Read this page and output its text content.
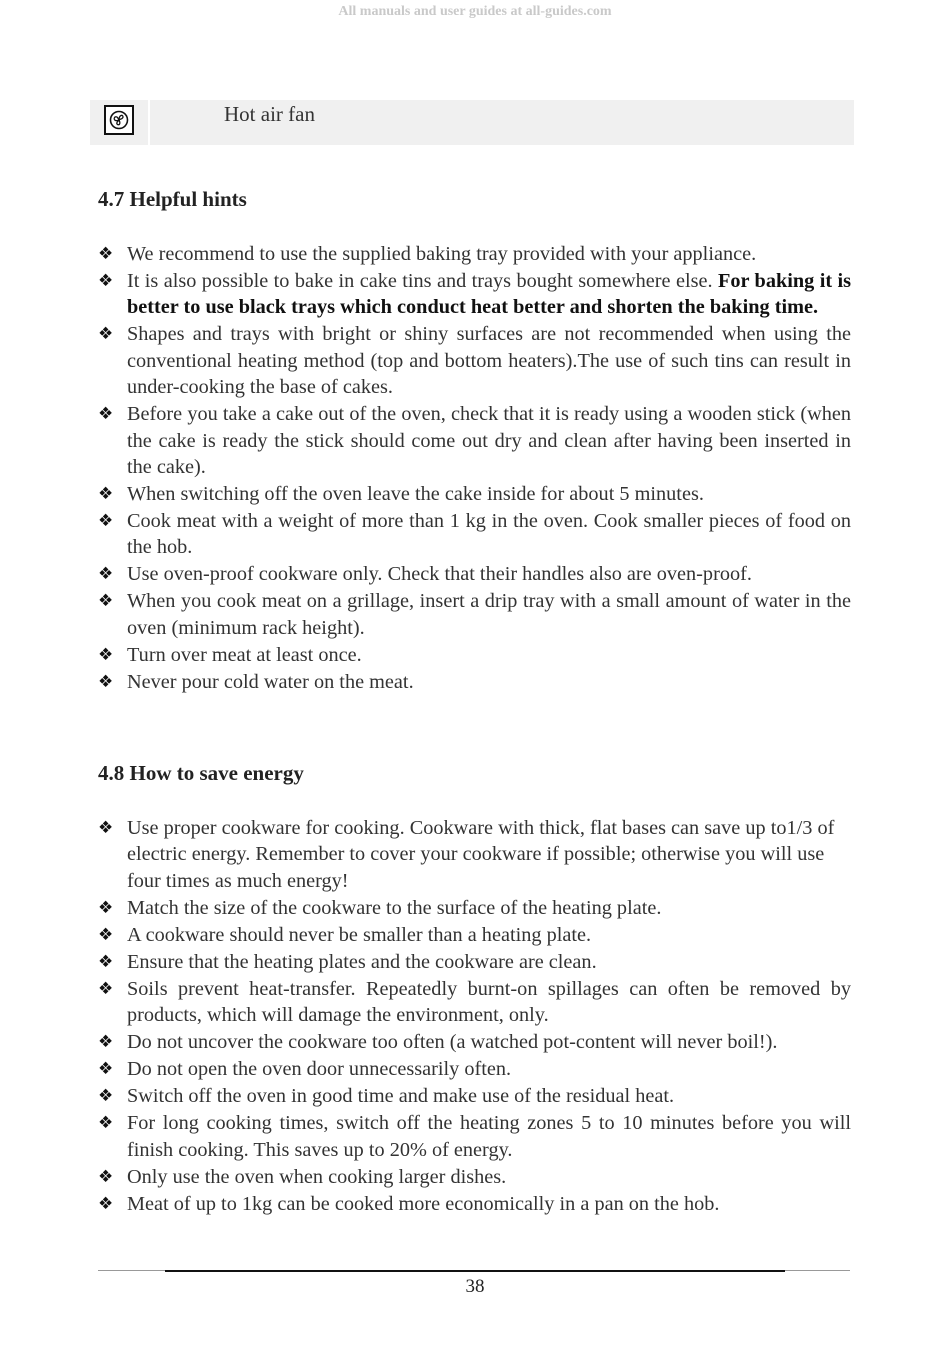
All manuals and user guides at all-guides.com
Hot air fan
4.7 Helpful hints
❖ We recommend to use the supplied baking tray provided with your appliance.
❖ It is also possible to bake in cake tins and trays bought somewhere else. For baking it is better to use black trays which conduct heat better and shorten the baking time.
❖ Shapes and trays with bright or shiny surfaces are not recommended when using the conventional heating method (top and bottom heaters).The use of such tins can result in under-cooking the base of cakes.
❖ Before you take a cake out of the oven, check that it is ready using a wooden stick (when the cake is ready the stick should come out dry and clean after having been inserted in the cake).
❖ When switching off the oven leave the cake inside for about 5 minutes.
❖ Cook meat with a weight of more than 1 kg in the oven. Cook smaller pieces of food on the hob.
❖ Use oven-proof cookware only. Check that their handles also are oven-proof.
❖ When you cook meat on a grillage, insert a drip tray with a small amount of water in the oven (minimum rack height).
❖ Turn over meat at least once.
❖ Never pour cold water on the meat.
4.8 How to save energy
❖ Use proper cookware for cooking. Cookware with thick, flat bases can save up to1/3 of electric energy. Remember to cover your cookware if possible; otherwise you will use four times as much energy!
❖ Match the size of the cookware to the surface of the heating plate.
❖ A cookware should never be smaller than a heating plate.
❖ Ensure that the heating plates and the cookware are clean.
❖ Soils prevent heat-transfer. Repeatedly burnt-on spillages can often be removed by products, which will damage the environment, only.
❖ Do not uncover the cookware too often (a watched pot-content will never boil!).
❖ Do not open the oven door unnecessarily often.
❖ Switch off the oven in good time and make use of the residual heat.
❖ For long cooking times, switch off the heating zones 5 to 10 minutes before you will finish cooking. This saves up to 20% of energy.
❖ Only use the oven when cooking larger dishes.
❖ Meat of up to 1kg can be cooked more economically in a pan on the hob.
38
